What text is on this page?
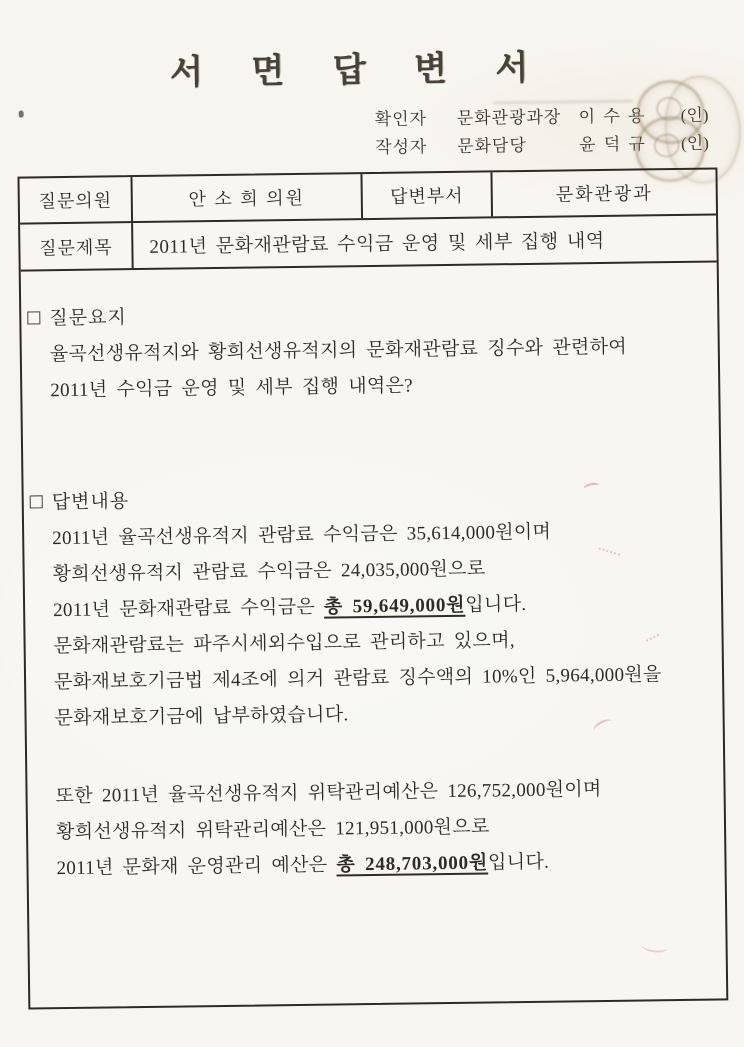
서 면 답 변 서
확인자	문화관광과장	이 수 용	(인)
작성자	문화담당	윤 덕 규	(인)
질문의원	안 소 희 의원	답변부서	문화관광과
질문제목	2011년 문화재관람료 수익금 운영 및 세부 집행 내역
질문요지

율곡선생유적지와 황희선생유적지의 문화재관람료 징수와 관련하여

2011년 수익금 운영 및 세부 집행 내역은?

답변내용

2011년 율곡선생유적지 관람료 수익금은 35,614,000원이며

황희선생유적지 관람료 수익금은 24,035,000원으로

2011년 문화재관람료 수익금은 총 59,649,000원입니다.

문화재관람료는 파주시세외수입으로 관리하고 있으며,

문화재보호기금법 제4조에 의거 관람료 징수액의 10%인 5,964,000원을

문화재보호기금에 납부하였습니다.

또한 2011년 율곡선생유적지 위탁관리예산은 126,752,000원이며

황희선생유적지 위탁관리예산은 121,951,000원으로

2011년 문화재 운영관리 예산은 총 248,703,000원입니다.
